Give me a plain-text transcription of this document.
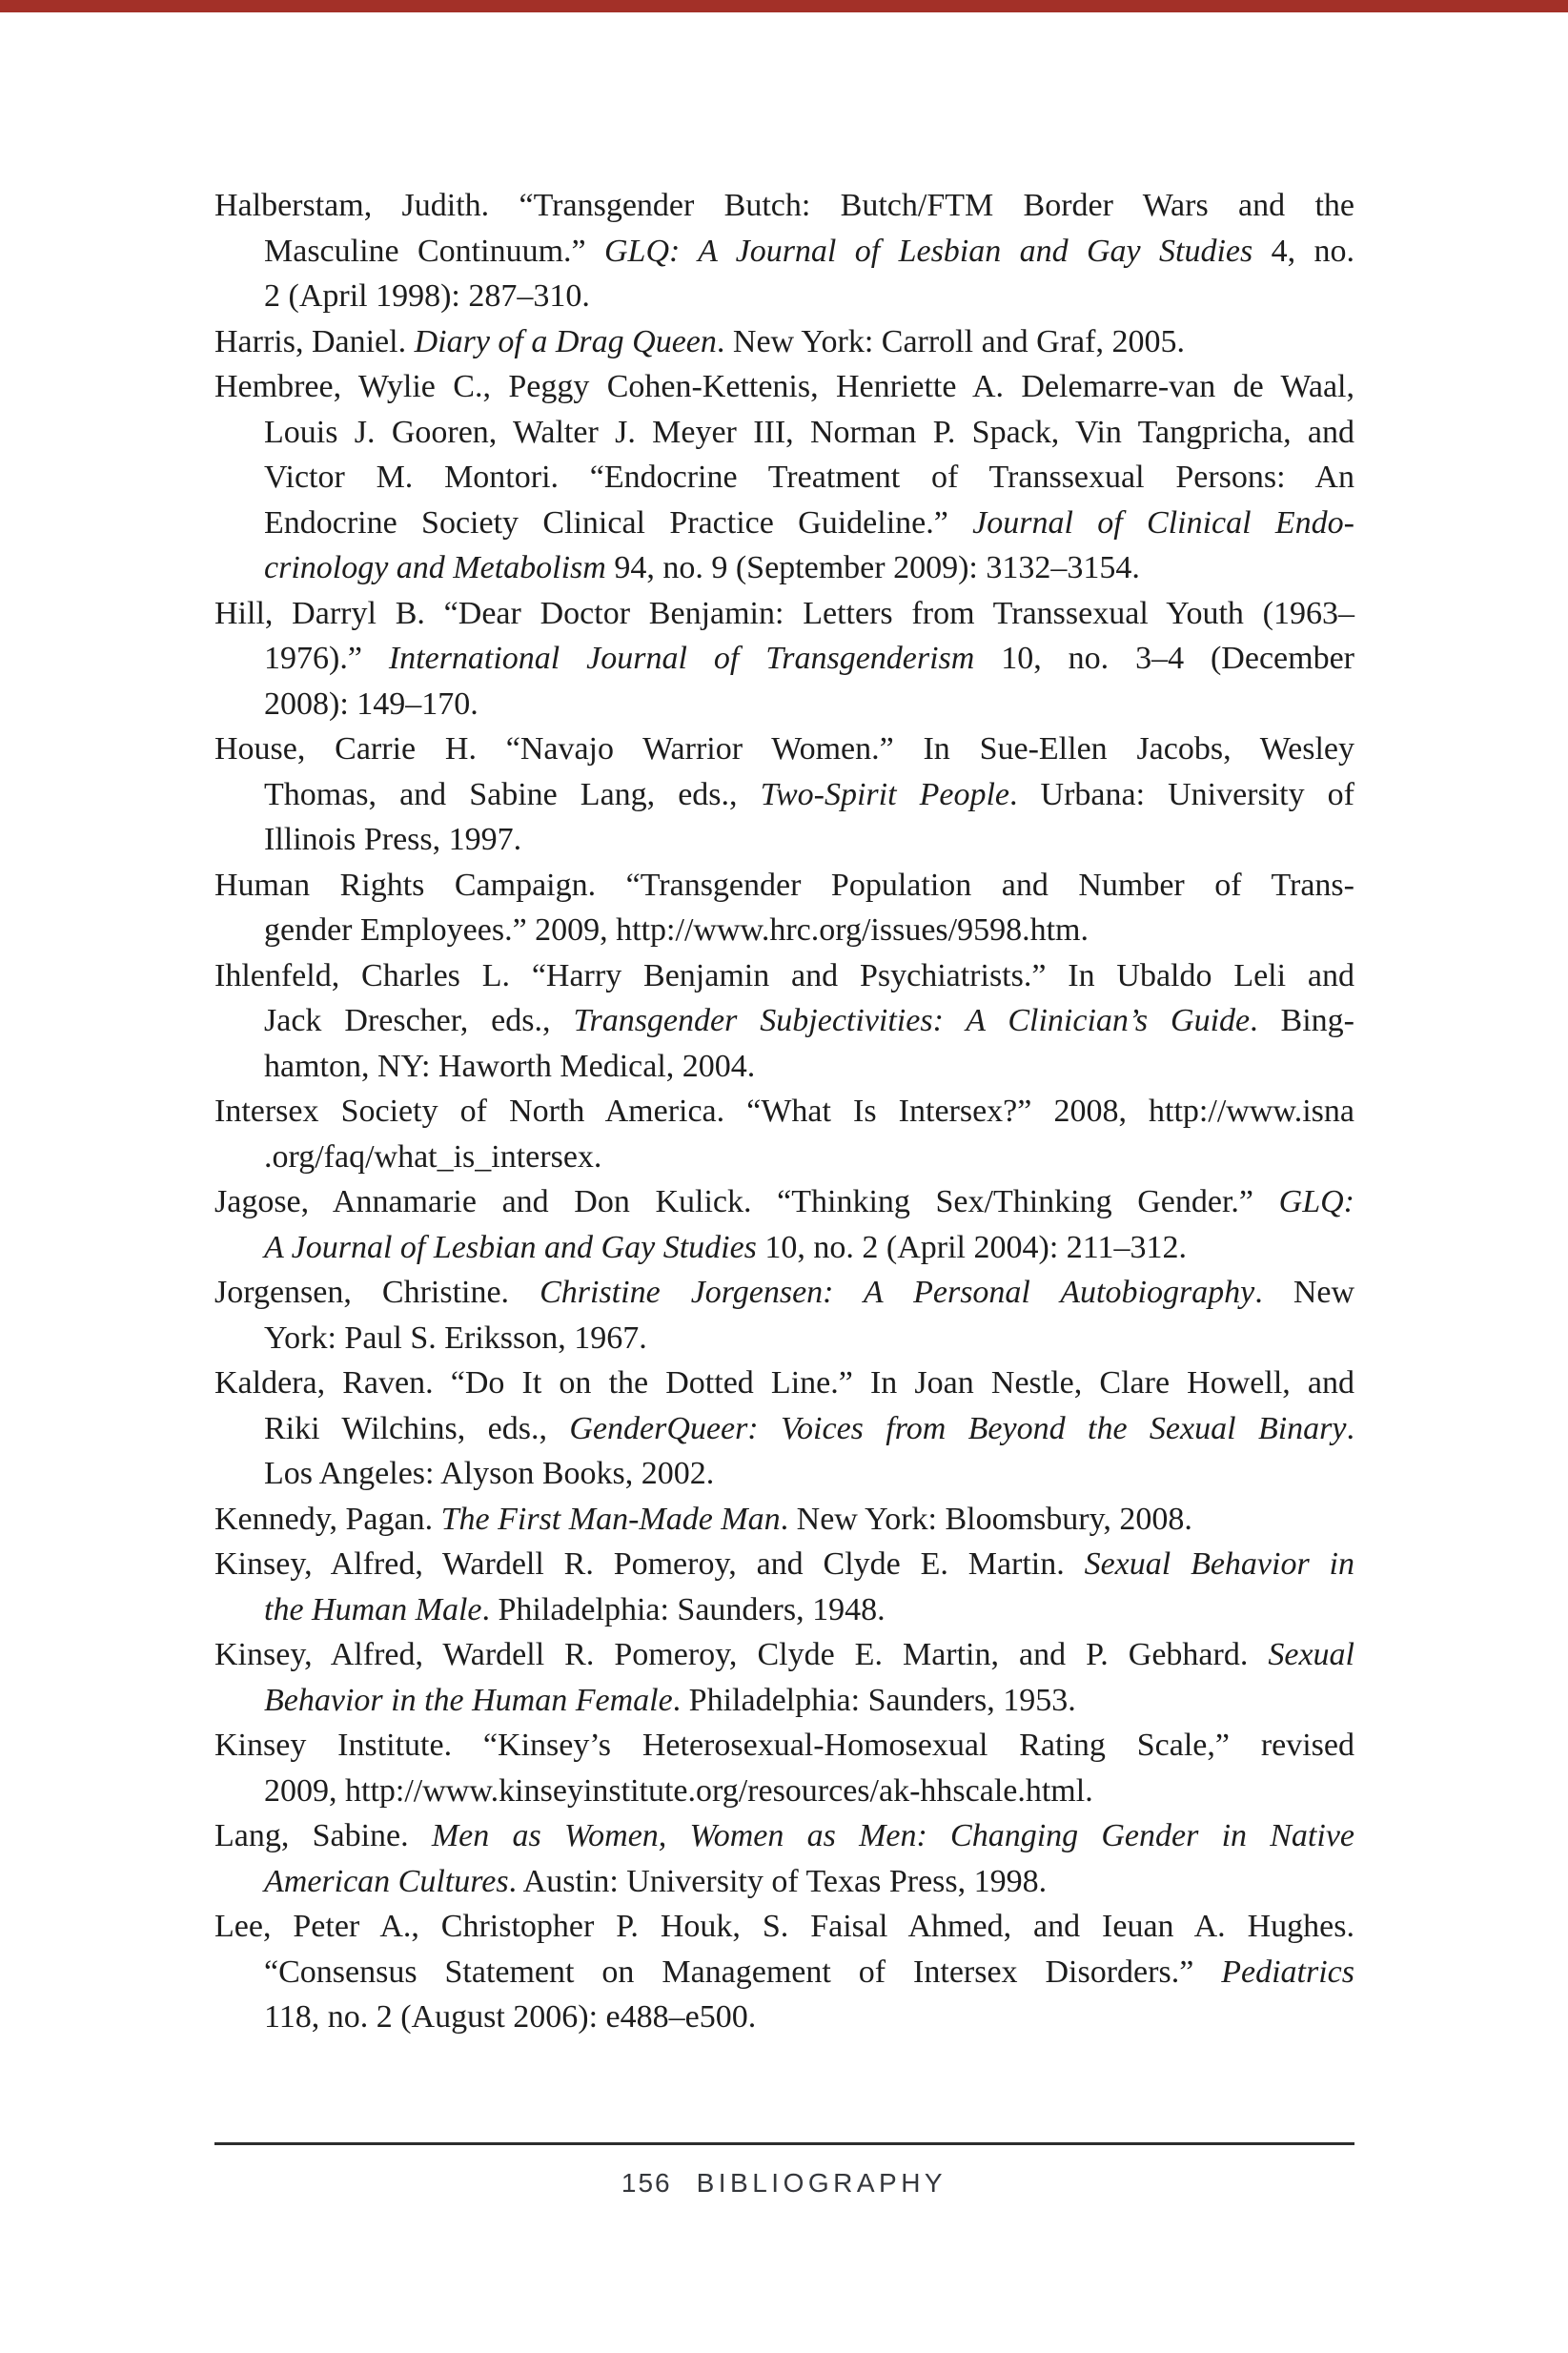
Halberstam, Judith. “Transgender Butch: Butch/FTM Border Wars and the
Masculine Continuum.” GLQ: A Journal of Lesbian and Gay Studies 4, no.
2 (April 1998): 287–310.
Harris, Daniel. Diary of a Drag Queen. New York: Carroll and Graf, 2005.
Hembree, Wylie C., Peggy Cohen-Kettenis, Henriette A. Delemarre-van de Waal,
Louis J. Gooren, Walter J. Meyer III, Norman P. Spack, Vin Tangpricha, and
Victor M. Montori. “Endocrine Treatment of Transsexual Persons: An
Endocrine Society Clinical Practice Guideline.” Journal of Clinical Endo-
crinology and Metabolism 94, no. 9 (September 2009): 3132–3154.
Hill, Darryl B. “Dear Doctor Benjamin: Letters from Transsexual Youth (1963–
1976).” International Journal of Transgenderism 10, no. 3–4 (December
2008): 149–170.
House, Carrie H. “Navajo Warrior Women.” In Sue-Ellen Jacobs, Wesley
Thomas, and Sabine Lang, eds., Two-Spirit People. Urbana: University of
Illinois Press, 1997.
Human Rights Campaign. “Transgender Population and Number of Trans-
gender Employees.” 2009, http://www.hrc.org/issues/9598.htm.
Ihlenfeld, Charles L. “Harry Benjamin and Psychiatrists.” In Ubaldo Leli and
Jack Drescher, eds., Transgender Subjectivities: A Clinician’s Guide. Bing-
hamton, NY: Haworth Medical, 2004.
Intersex Society of North America. “What Is Intersex?” 2008, http://www.isna
.org/faq/what_is_intersex.
Jagose, Annamarie and Don Kulick. “Thinking Sex/Thinking Gender.” GLQ:
A Journal of Lesbian and Gay Studies 10, no. 2 (April 2004): 211–312.
Jorgensen, Christine. Christine Jorgensen: A Personal Autobiography. New
York: Paul S. Eriksson, 1967.
Kaldera, Raven. “Do It on the Dotted Line.” In Joan Nestle, Clare Howell, and
Riki Wilchins, eds., GenderQueer: Voices from Beyond the Sexual Binary.
Los Angeles: Alyson Books, 2002.
Kennedy, Pagan. The First Man-Made Man. New York: Bloomsbury, 2008.
Kinsey, Alfred, Wardell R. Pomeroy, and Clyde E. Martin. Sexual Behavior in
the Human Male. Philadelphia: Saunders, 1948.
Kinsey, Alfred, Wardell R. Pomeroy, Clyde E. Martin, and P. Gebhard. Sexual
Behavior in the Human Female. Philadelphia: Saunders, 1953.
Kinsey Institute. “Kinsey’s Heterosexual-Homosexual Rating Scale,” revised
2009, http://www.kinseyinstitute.org/resources/ak-hhscale.html.
Lang, Sabine. Men as Women, Women as Men: Changing Gender in Native
American Cultures. Austin: University of Texas Press, 1998.
Lee, Peter A., Christopher P. Houk, S. Faisal Ahmed, and Ieuan A. Hughes.
“Consensus Statement on Management of Intersex Disorders.” Pediatrics
118, no. 2 (August 2006): e488–e500.
156 BIBLIOGRAPHY
